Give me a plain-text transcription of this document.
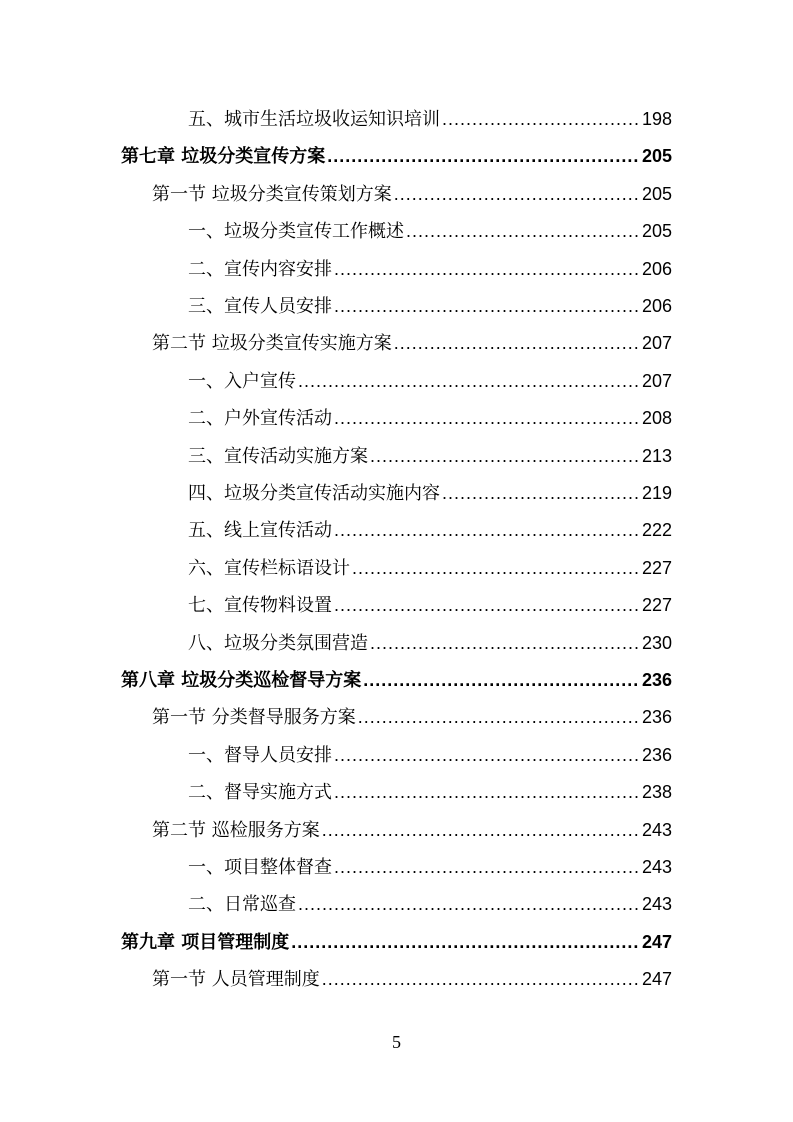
五、城市生活垃圾收运知识培训 .....	198
第七章 垃圾分类宣传方案 .....	205
第一节 垃圾分类宣传策划方案 .....	205
一、垃圾分类宣传工作概述 .....	205
二、宣传内容安排 .....	206
三、宣传人员安排 .....	206
第二节 垃圾分类宣传实施方案 .....	207
一、入户宣传 .....	207
二、户外宣传活动 .....	208
三、宣传活动实施方案 .....	213
四、垃圾分类宣传活动实施内容 .....	219
五、线上宣传活动 .....	222
六、宣传栏标语设计 .....	227
七、宣传物料设置 .....	227
八、垃圾分类氛围营造 .....	230
第八章 垃圾分类巡检督导方案 .....	236
第一节 分类督导服务方案 .....	236
一、督导人员安排 .....	236
二、督导实施方式 .....	238
第二节 巡检服务方案 .....	243
一、项目整体督查 .....	243
二、日常巡查 .....	243
第九章 项目管理制度 .....	247
第一节 人员管理制度 .....	247
5
